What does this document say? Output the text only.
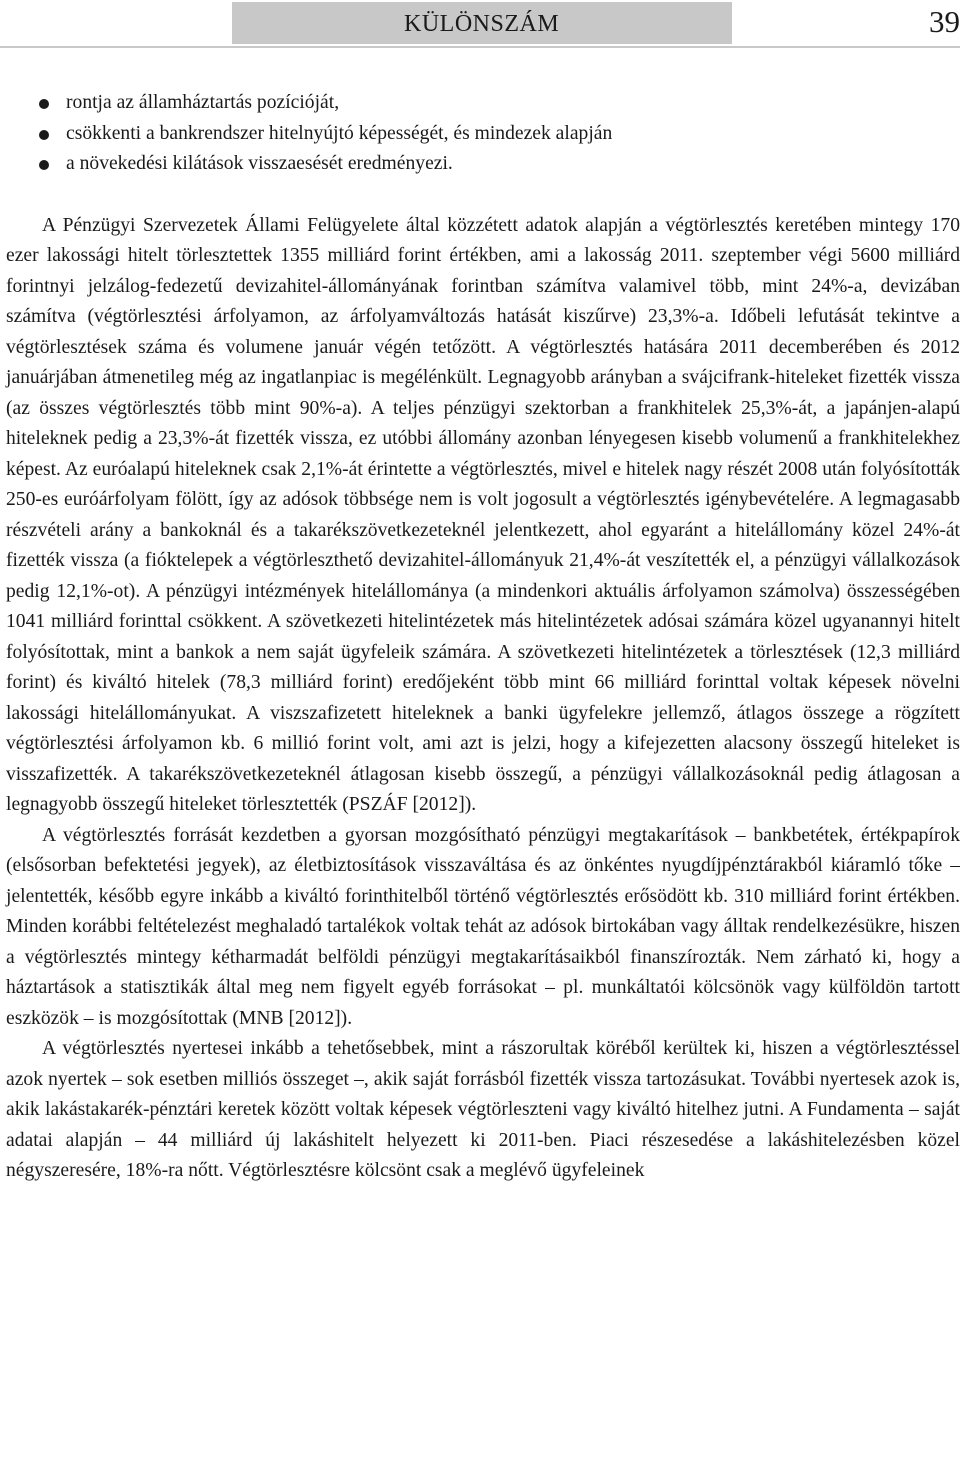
KÜLÖNSZÁM	39
rontja az államháztartás pozícióját,
csökkenti a bankrendszer hitelnyújtó képességét, és mindezek alapján
a növekedési kilátások visszaesését eredményezi.

A Pénzügyi Szervezetek Állami Felügyelete által közzétett adatok alapján a végtörlesztés keretében mintegy 170 ezer lakossági hitelt törlesztettek 1355 milliárd forint értékben, ami a lakosság 2011. szeptember végi 5600 milliárd forintnyi jelzálog-fedezetű devizahitel-állományának forintban számítva valamivel több, mint 24%-a, devizában számítva (végtörlesztési árfolyamon, az árfolyamváltozás hatását kiszűrve) 23,3%-a. Időbeli lefutását tekintve a végtörlesztések száma és volumene január végén tetőzött. A végtörlesztés hatására 2011 decemberében és 2012 januárjában átmenetileg még az ingatlanpiac is megélénkült. Legnagyobb arányban a svájcifrank-hiteleket fizették vissza (az összes végtörlesztés több mint 90%-a). A teljes pénzügyi szektorban a frankhitelek 25,3%-át, a japánjen-alapú hiteleknek pedig a 23,3%-át fizették vissza, ez utóbbi állomány azonban lényegesen kisebb volumenű a frankhitelekhez képest. Az euróalapú hiteleknek csak 2,1%-át érintette a végtörlesztés, mivel e hitelek nagy részét 2008 után folyósították 250-es euróárfolyam fölött, így az adósok többsége nem is volt jogosult a végtörlesztés igénybevételére. A legmagasabb részvételi arány a bankoknál és a takarékszövetkezeteknél jelentkezett, ahol egyaránt a hitelállomány közel 24%-át fizették vissza (a fióktelepek a végtörleszthető devizahitel-állományuk 21,4%-át veszítették el, a pénzügyi vállalkozások pedig 12,1%-ot). A pénzügyi intézmények hitelállománya (a mindenkori aktuális árfolyamon számolva) összességében 1041 milliárd forinttal csökkent. A szövetkezeti hitelintézetek más hitelintézetek adósai számára közel ugyanannyi hitelt folyósítottak, mint a bankok a nem saját ügyfeleik számára. A szövetkezeti hitelintézetek a törlesztések (12,3 milliárd forint) és kiváltó hitelek (78,3 milliárd forint) eredőjeként több mint 66 milliárd forinttal voltak képesek növelni lakossági hitelállományukat. A viszszafizetett hiteleknek a banki ügyfelekre jellemző, átlagos összege a rögzített végtörlesztési árfolyamon kb. 6 millió forint volt, ami azt is jelzi, hogy a kifejezetten alacsony összegű hiteleket is visszafizették. A takarékszövetkezeteknél átlagosan kisebb összegű, a pénzügyi vállalkozásoknál pedig átlagosan a legnagyobb összegű hiteleket törlesztették (PSZÁF [2012]).

A végtörlesztés forrását kezdetben a gyorsan mozgósítható pénzügyi megtakarítások – bankbetétek, értékpapírok (elsősorban befektetési jegyek), az életbiztosítások visszaváltása és az önkéntes nyugdíjpénztárakból kiáramló tőke – jelentették, később egyre inkább a kiváltó forinthitelből történő végtörlesztés erősödött kb. 310 milliárd forint értékben. Minden korábbi feltételezést meghaladó tartalékok voltak tehát az adósok birtokában vagy álltak rendelkezésükre, hiszen a végtörlesztés mintegy kétharmadát belföldi pénzügyi megtakarításaikból finanszírozták. Nem zárható ki, hogy a háztartások a statisztikák által meg nem figyelt egyéb forrásokat – pl. munkáltatói kölcsönök vagy külföldön tartott eszközök – is mozgósítottak (MNB [2012]).

A végtörlesztés nyertesei inkább a tehetősebbek, mint a rászorultak köréből kerültek ki, hiszen a végtörlesztéssel azok nyertek – sok esetben milliós összeget –, akik saját forrásból fizették vissza tartozásukat. További nyertesek azok is, akik lakástakarék-pénztári keretek között voltak képesek végtörleszteni vagy kiváltó hitelhez jutni. A Fundamenta – saját adatai alapján – 44 milliárd új lakáshitelt helyezett ki 2011-ben. Piaci részesedése a lakáshitelezésben közel négyszeresére, 18%-ra nőtt. Végtörlesztésre kölcsönt csak a meglévő ügyfeleinek
